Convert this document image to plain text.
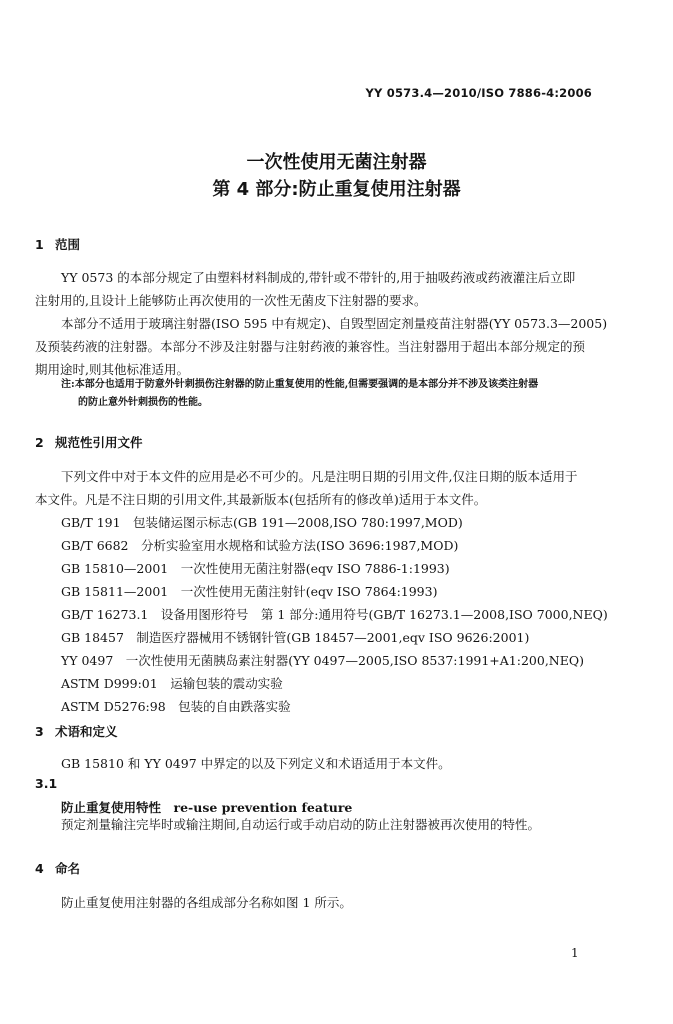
YY 0573.4—2010/ISO 7886-4:2006
一次性使用无菌注射器
第 4 部分:防止重复使用注射器
1 范围
YY 0573 的本部分规定了由塑料材料制成的,带针或不带针的,用于抽吸药液或药液灌注后立即
注射用的,且设计上能够防止再次使用的一次性无菌皮下注射器的要求。
本部分不适用于玻璃注射器(ISO 595 中有规定)、自毁型固定剂量疫苗注射器(YY 0573.3—2005)
及预装药液的注射器。本部分不涉及注射器与注射药液的兼容性。当注射器用于超出本部分规定的预
期用途时,则其他标准适用。
注:本部分也适用于防意外针刺损伤注射器的防止重复使用的性能,但需要强调的是本部分并不涉及该类注射器
的防止意外针刺损伤的性能。
2 规范性引用文件
下列文件中对于本文件的应用是必不可少的。凡是注明日期的引用文件,仅注日期的版本适用于
本文件。凡是不注日期的引用文件,其最新版本(包括所有的修改单)适用于本文件。
GB/T 191　包装储运图示标志(GB 191—2008,ISO 780:1997,MOD)
GB/T 6682　分析实验室用水规格和试验方法(ISO 3696:1987,MOD)
GB 15810—2001　一次性使用无菌注射器(eqv ISO 7886-1:1993)
GB 15811—2001　一次性使用无菌注射针(eqv ISO 7864:1993)
GB/T 16273.1　设备用图形符号　第 1 部分:通用符号(GB/T 16273.1—2008,ISO 7000,NEQ)
GB 18457　制造医疗器械用不锈钢针管(GB 18457—2001,eqv ISO 9626:2001)
YY 0497　一次性使用无菌胰岛素注射器(YY 0497—2005,ISO 8537:1991+A1:200,NEQ)
ASTM D999:01　运输包装的震动实验
ASTM D5276:98　包装的自由跌落实验
3 术语和定义
GB 15810 和 YY 0497 中界定的以及下列定义和术语适用于本文件。
3.1
防止重复使用特性　re-use prevention feature
预定剂量输注完毕时或输注期间,自动运行或手动启动的防止注射器被再次使用的特性。
4 命名
防止重复使用注射器的各组成部分名称如图 1 所示。
1
